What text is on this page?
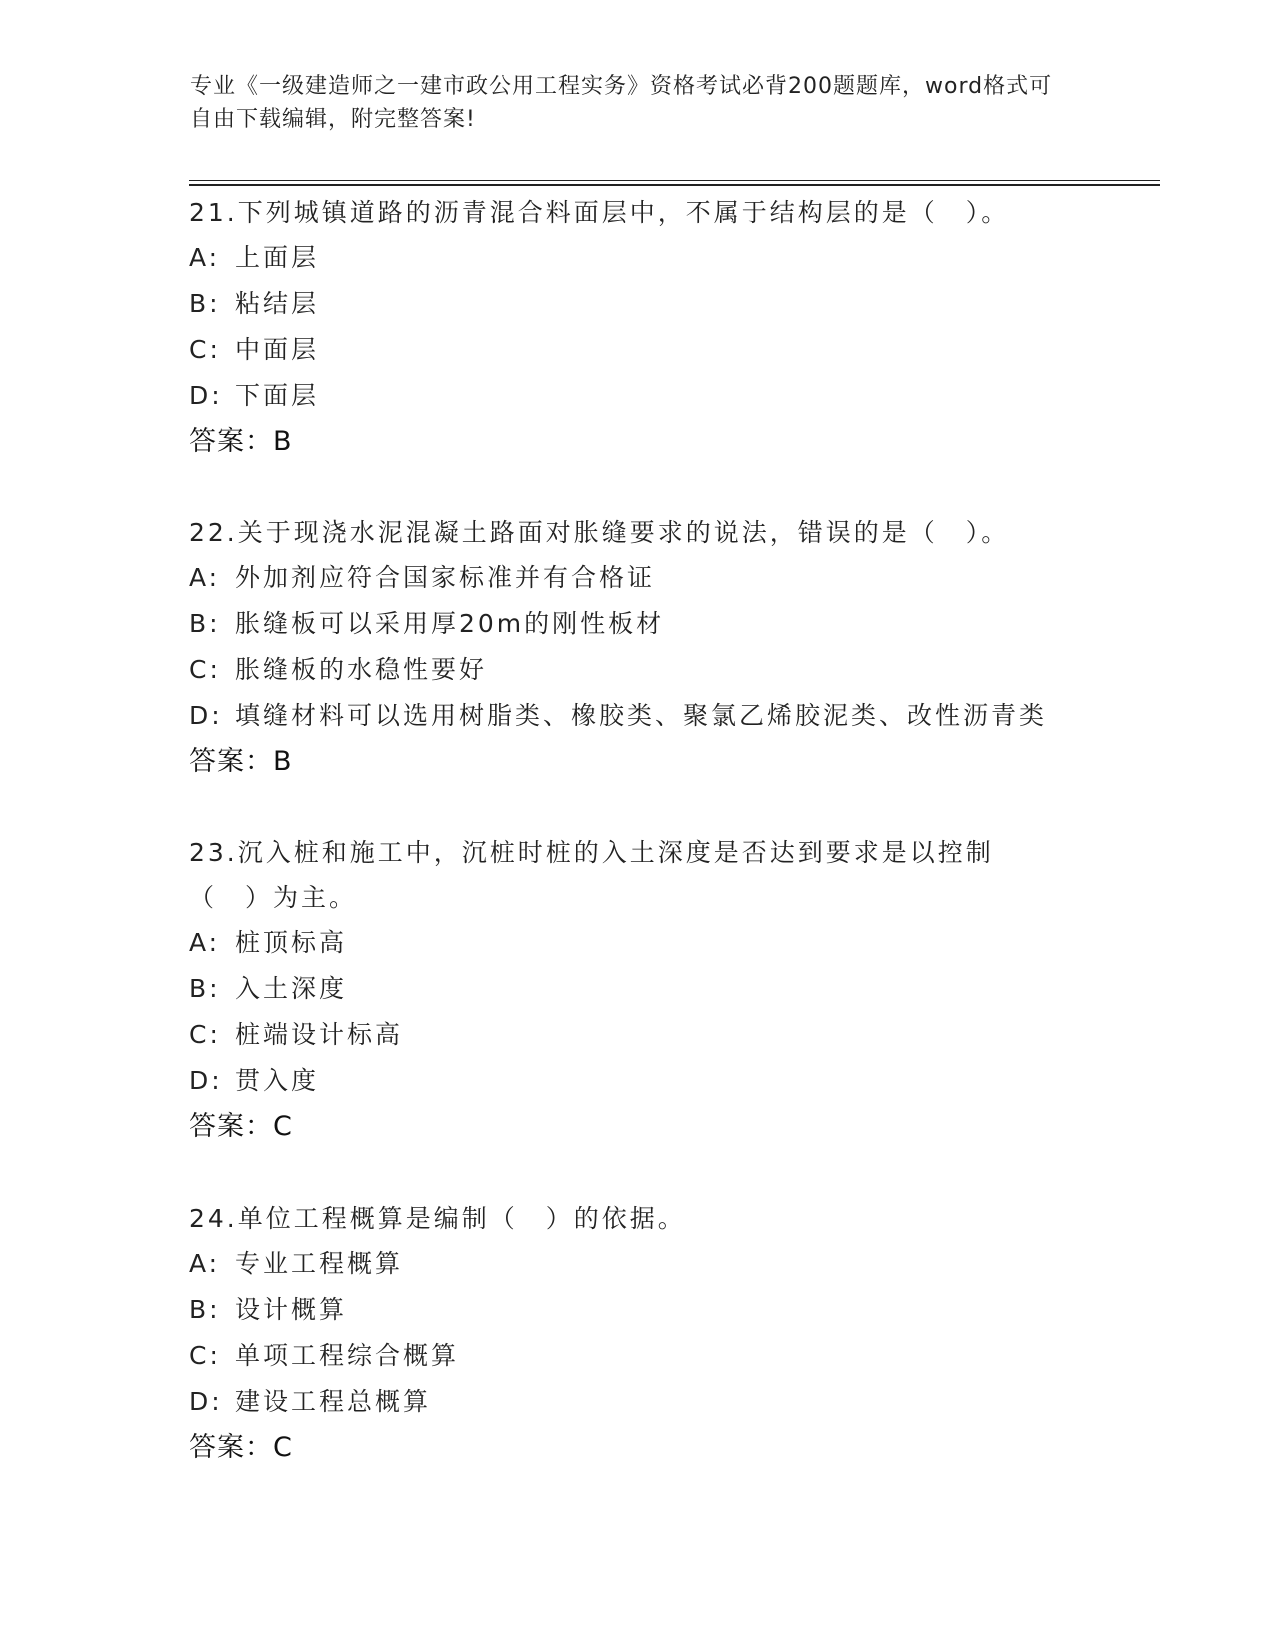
专业《一级建造师之一建市政公用工程实务》资格考试必背200题题库，word格式可自由下载编辑，附完整答案!

21.下列城镇道路的沥青混合料面层中，不属于结构层的是（　）。

A: 上面层
B: 粘结层
C: 中面层
D: 下面层
答案：B

22.关于现浇水泥混凝土路面对胀缝要求的说法，错误的是（　）。

A: 外加剂应符合国家标准并有合格证
B: 胀缝板可以采用厚20m的刚性板材
C: 胀缝板的水稳性要好
D: 填缝材料可以选用树脂类、橡胶类、聚氯乙烯胶泥类、改性沥青类
答案：B

23.沉入桩和施工中，沉桩时桩的入土深度是否达到要求是以控制（　）为主。

A: 桩顶标高
B: 入土深度
C: 桩端设计标高
D: 贯入度
答案：C

24.单位工程概算是编制（　）的依据。

A: 专业工程概算
B: 设计概算
C: 单项工程综合概算
D: 建设工程总概算
答案：C
